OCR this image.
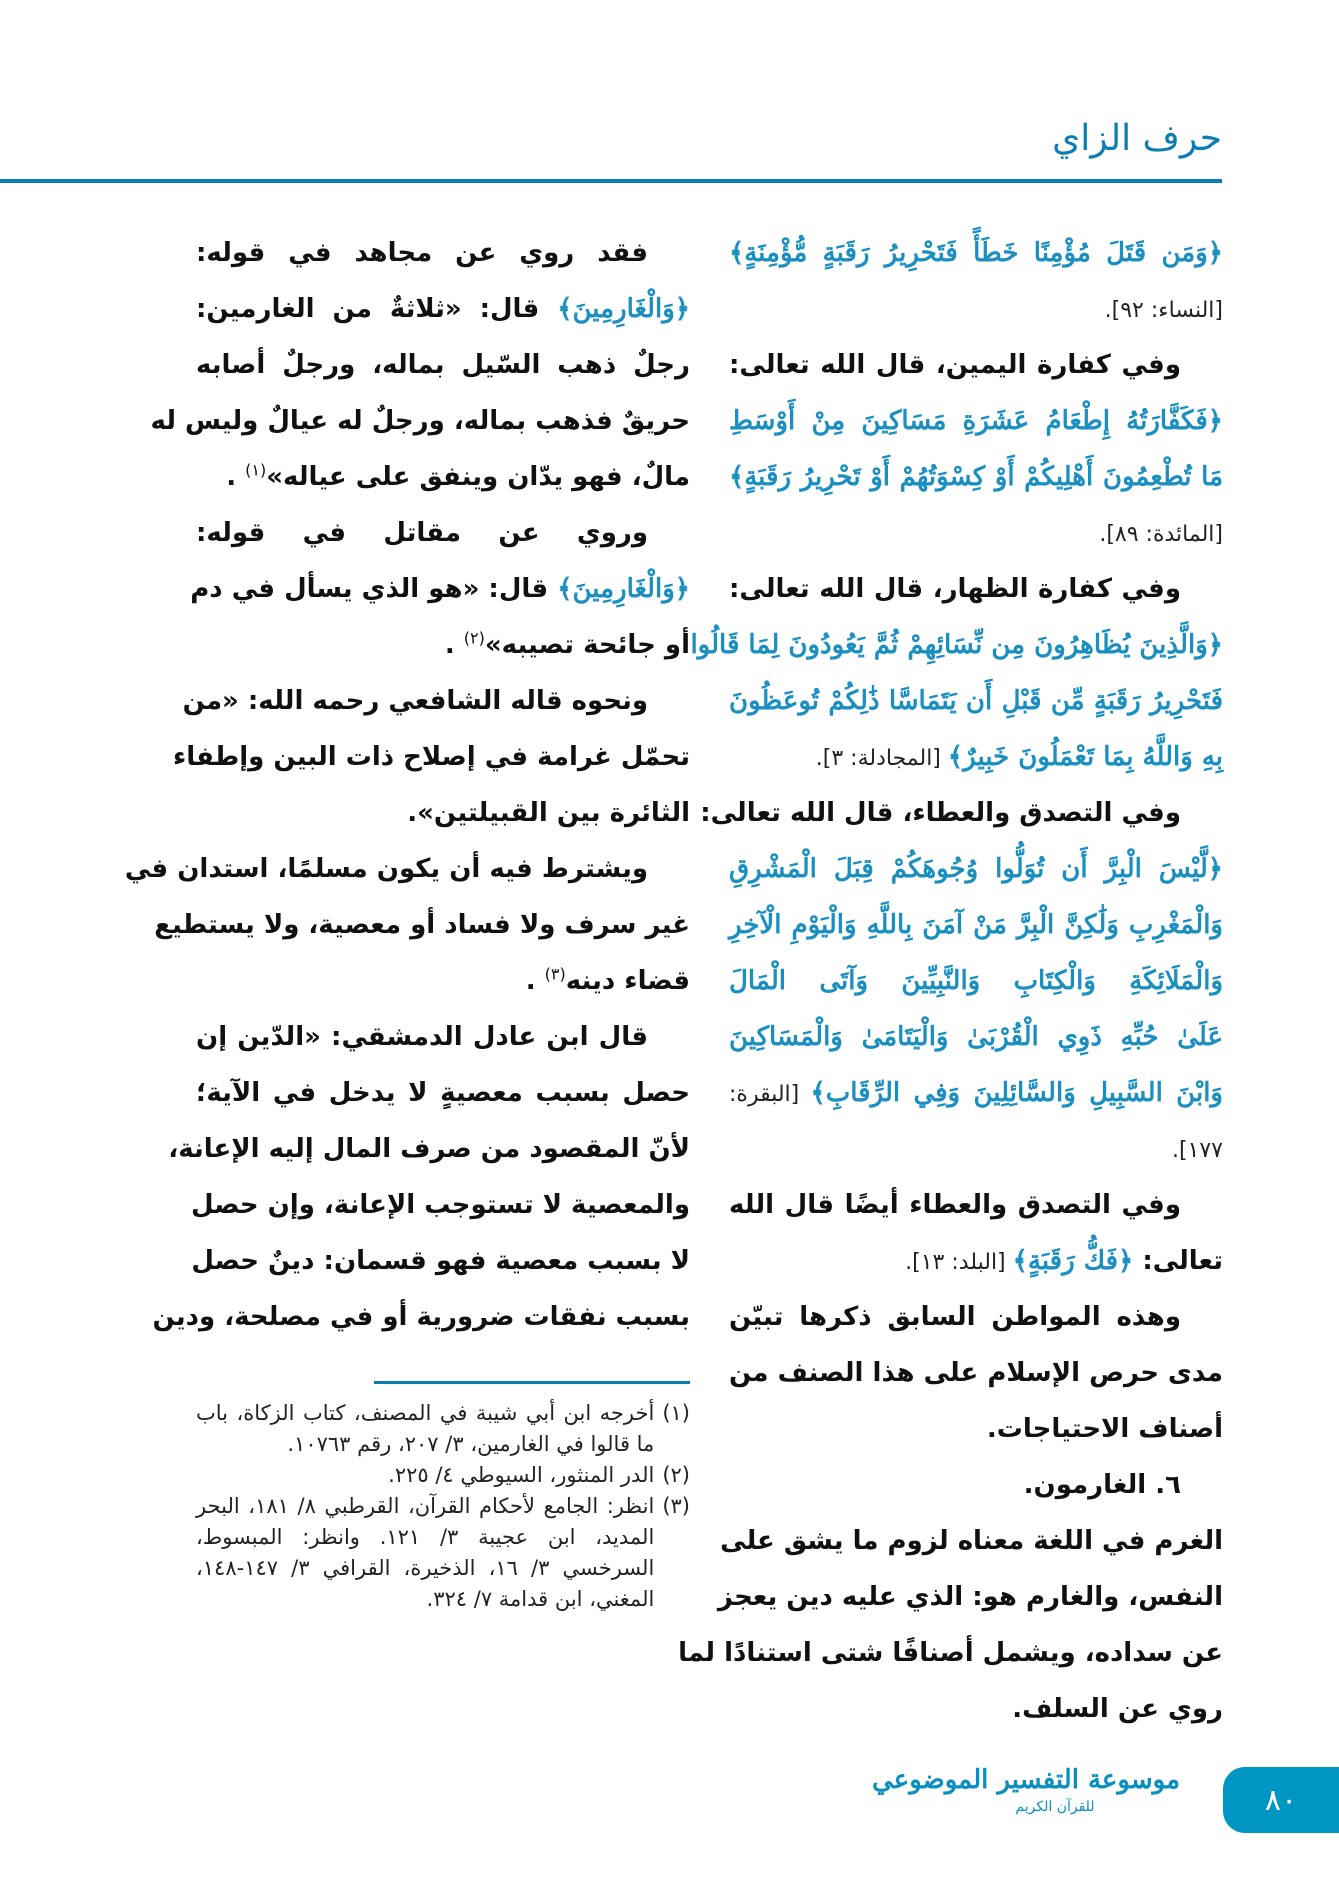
حرف الزاي
﴿وَمَن قَتَلَ مُؤْمِنًا خَطَأً فَتَحْرِيرُ رَقَبَةٍ مُّؤْمِنَةٍ﴾
[النساء: ٩٢].
وفي كفارة اليمين، قال الله تعالى:
﴿فَكَفَّارَتُهُ إِطْعَامُ عَشَرَةِ مَسَاكِينَ مِنْ أَوْسَطِ
مَا تُطْعِمُونَ أَهْلِيكُمْ أَوْ كِسْوَتُهُمْ أَوْ تَحْرِيرُ رَقَبَةٍ﴾
[المائدة: ٨٩].
وفي كفارة الظهار، قال الله تعالى:
﴿وَالَّذِينَ يُظَاهِرُونَ مِن نِّسَائِهِمْ ثُمَّ يَعُودُونَ لِمَا قَالُوا
فَتَحْرِيرُ رَقَبَةٍ مِّن قَبْلِ أَن يَتَمَاسَّا ذَٰلِكُمْ تُوعَظُونَ
بِهِ وَاللَّهُ بِمَا تَعْمَلُونَ خَبِيرٌ﴾ [المجادلة: ٣].
وفي التصدق والعطاء، قال الله تعالى:
﴿لَّيْسَ الْبِرَّ أَن تُوَلُّوا وُجُوهَكُمْ قِبَلَ الْمَشْرِقِ
وَالْمَغْرِبِ وَلَٰكِنَّ الْبِرَّ مَنْ آمَنَ بِاللَّهِ وَالْيَوْمِ الْآخِرِ
وَالْمَلَائِكَةِ وَالْكِتَابِ وَالنَّبِيِّينَ وَآتَى الْمَالَ
عَلَىٰ حُبِّهِ ذَوِي الْقُرْبَىٰ وَالْيَتَامَىٰ وَالْمَسَاكِينَ
وَابْنَ السَّبِيلِ وَالسَّائِلِينَ وَفِي الرِّقَابِ﴾ [البقرة:
١٧٧].
وفي التصدق والعطاء أيضًا قال الله
تعالى: ﴿فَكُّ رَقَبَةٍ﴾ [البلد: ١٣].
وهذه المواطن السابق ذكرها تبيّن
مدى حرص الإسلام على هذا الصنف من
أصناف الاحتياجات.
٦. الغارمون.
الغرم في اللغة معناه لزوم ما يشق على
النفس، والغارم هو: الذي عليه دين يعجز
عن سداده، ويشمل أصنافًا شتى استنادًا لما
روي عن السلف.
فقد روي عن مجاهد في قوله:
﴿وَالْغَارِمِينَ﴾ قال: «ثلاثةٌ من الغارمين:
رجلٌ ذهب السّيل بماله، ورجلٌ أصابه
حريقٌ فذهب بماله، ورجلٌ له عيالٌ وليس له
مالٌ، فهو يدّان وينفق على عياله»$^{(١)}$ .
وروي عن مقاتل في قوله:
﴿وَالْغَارِمِينَ﴾ قال: «هو الذي يسأل في دم
أو جائحة تصيبه»$^{(٢)}$ .
ونحوه قاله الشافعي رحمه الله: «من
تحمّل غرامة في إصلاح ذات البين وإطفاء
الثائرة بين القبيلتين».
ويشترط فيه أن يكون مسلمًا، استدان في
غير سرف ولا فساد أو معصية، ولا يستطيع
قضاء دينه$^{(٣)}$ .
قال ابن عادل الدمشقي: «الدّين إن
حصل بسبب معصيةٍ لا يدخل في الآية؛
لأنّ المقصود من صرف المال إليه الإعانة،
والمعصية لا تستوجب الإعانة، وإن حصل
لا بسبب معصية فهو قسمان: دينٌ حصل
بسبب نفقات ضرورية أو في مصلحة، ودين
(١)
أخرجه ابن أبي شيبة في المصنف، كتاب الزكاة، باب ما قالوا في الغارمين، ٣/ ٢٠٧، رقم ١٠٧٦٣.
(٢)
الدر المنثور، السيوطي ٤/ ٢٢٥.
(٣)
انظر: الجامع لأحكام القرآن، القرطبي ٨/ ١٨١، البحر المديد، ابن عجيبة ٣/ ١٢١. وانظر: المبسوط، السرخسي ٣/ ١٦، الذخيرة، القرافي ٣/ ١٤٧-١٤٨، المغني، ابن قدامة ٧/ ٣٢٤.
موسوعة التفسير الموضوعي
للقرآن الكريم	٨٠
